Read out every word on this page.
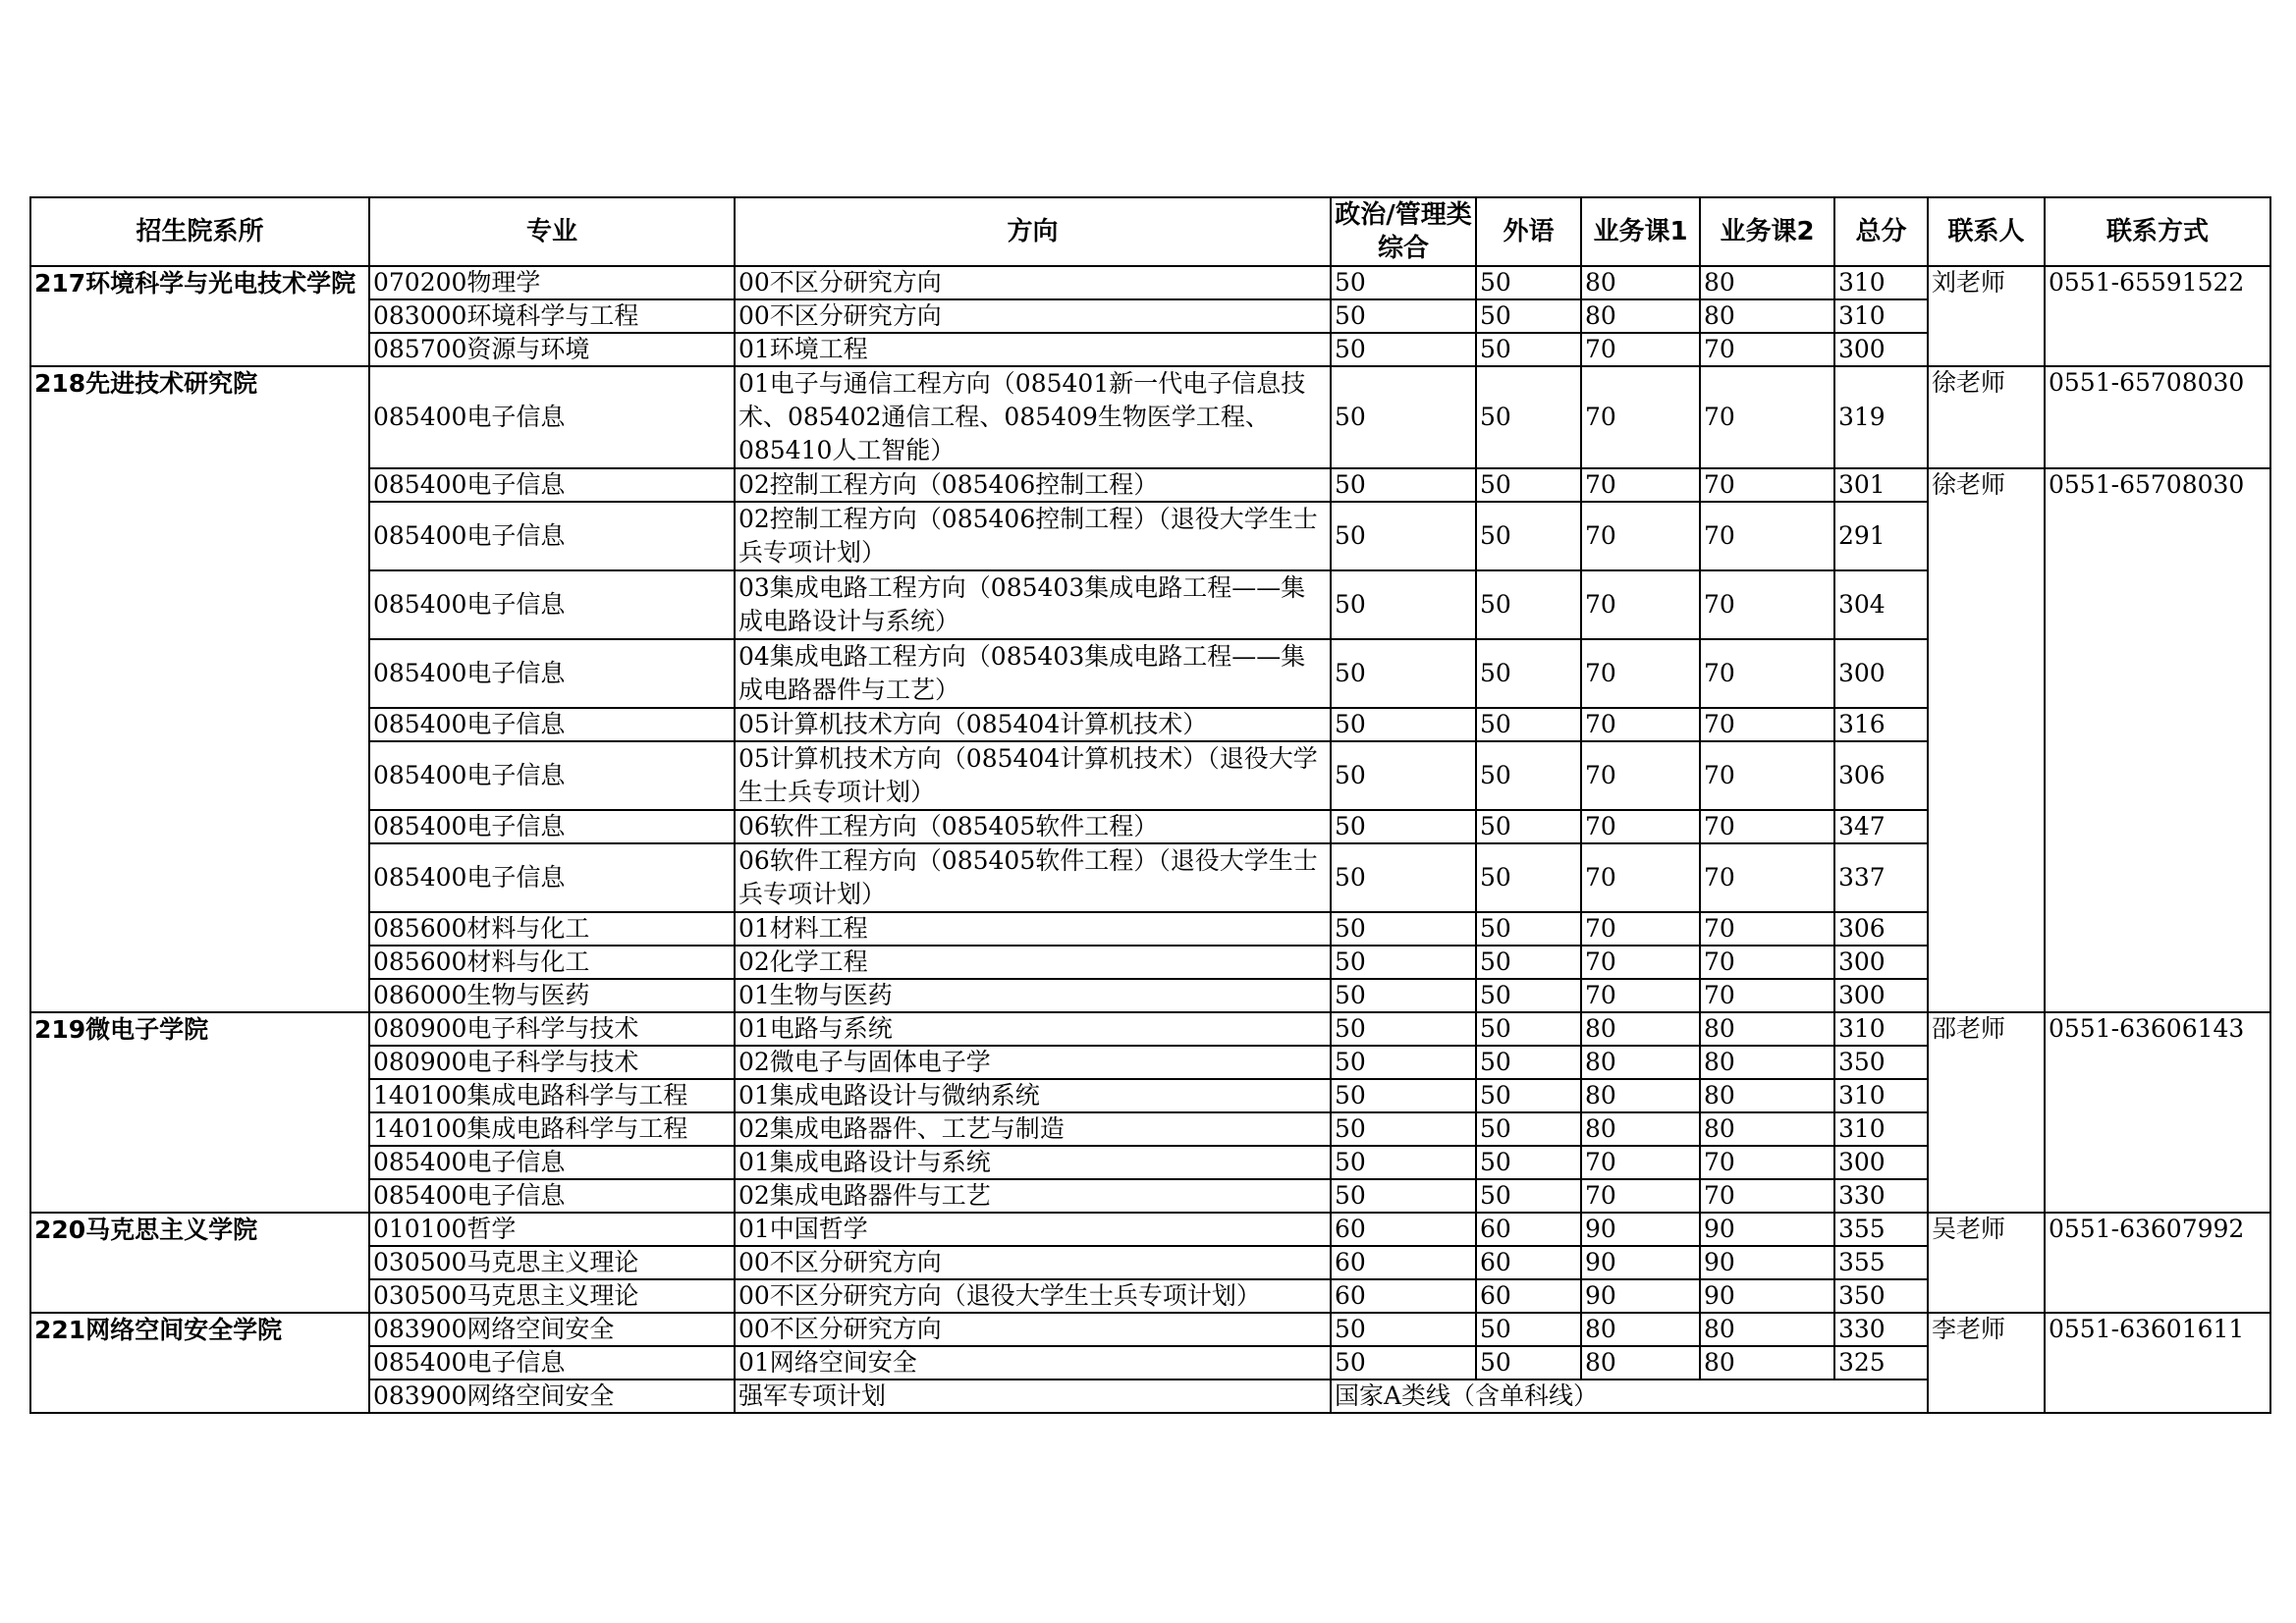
招生院系所	专业	方向	政治/管理类综合	外语	业务课1	业务课2	总分	联系人	联系方式
217环境科学与光电技术学院	070200物理学	00不区分研究方向	50	50	80	80	310	刘老师	0551-65591522
	083000环境科学与工程	00不区分研究方向	50	50	80	80	310		
	085700资源与环境	01环境工程	50	50	70	70	300		
218先进技术研究院	085400电子信息	01电子与通信工程方向（085401新一代电子信息技术、085402通信工程、085409生物医学工程、085410人工智能）	50	50	70	70	319	徐老师	0551-65708030
	085400电子信息	02控制工程方向（085406控制工程）	50	50	70	70	301	徐老师	0551-65708030
	085400电子信息	02控制工程方向（085406控制工程）（退役大学生士兵专项计划）	50	50	70	70	291		
	085400电子信息	03集成电路工程方向（085403集成电路工程——集成电路设计与系统）	50	50	70	70	304		
	085400电子信息	04集成电路工程方向（085403集成电路工程——集成电路器件与工艺）	50	50	70	70	300		
	085400电子信息	05计算机技术方向（085404计算机技术）	50	50	70	70	316		
	085400电子信息	05计算机技术方向（085404计算机技术）（退役大学生士兵专项计划）	50	50	70	70	306		
	085400电子信息	06软件工程方向（085405软件工程）	50	50	70	70	347		
	085400电子信息	06软件工程方向（085405软件工程）（退役大学生士兵专项计划）	50	50	70	70	337		
	085600材料与化工	01材料工程	50	50	70	70	306		
	085600材料与化工	02化学工程	50	50	70	70	300		
	086000生物与医药	01生物与医药	50	50	70	70	300		
219微电子学院	080900电子科学与技术	01电路与系统	50	50	80	80	310	邵老师	0551-63606143
	080900电子科学与技术	02微电子与固体电子学	50	50	80	80	350		
	140100集成电路科学与工程	01集成电路设计与微纳系统	50	50	80	80	310		
	140100集成电路科学与工程	02集成电路器件、工艺与制造	50	50	80	80	310		
	085400电子信息	01集成电路设计与系统	50	50	70	70	300		
	085400电子信息	02集成电路器件与工艺	50	50	70	70	330		
220马克思主义学院	010100哲学	01中国哲学	60	60	90	90	355	吴老师	0551-63607992
	030500马克思主义理论	00不区分研究方向	60	60	90	90	355		
	030500马克思主义理论	00不区分研究方向（退役大学生士兵专项计划）	60	60	90	90	350		
221网络空间安全学院	083900网络空间安全	00不区分研究方向	50	50	80	80	330	李老师	0551-63601611
	085400电子信息	01网络空间安全	50	50	80	80	325		
	083900网络空间安全	强军专项计划	国家A类线（含单科线）						
